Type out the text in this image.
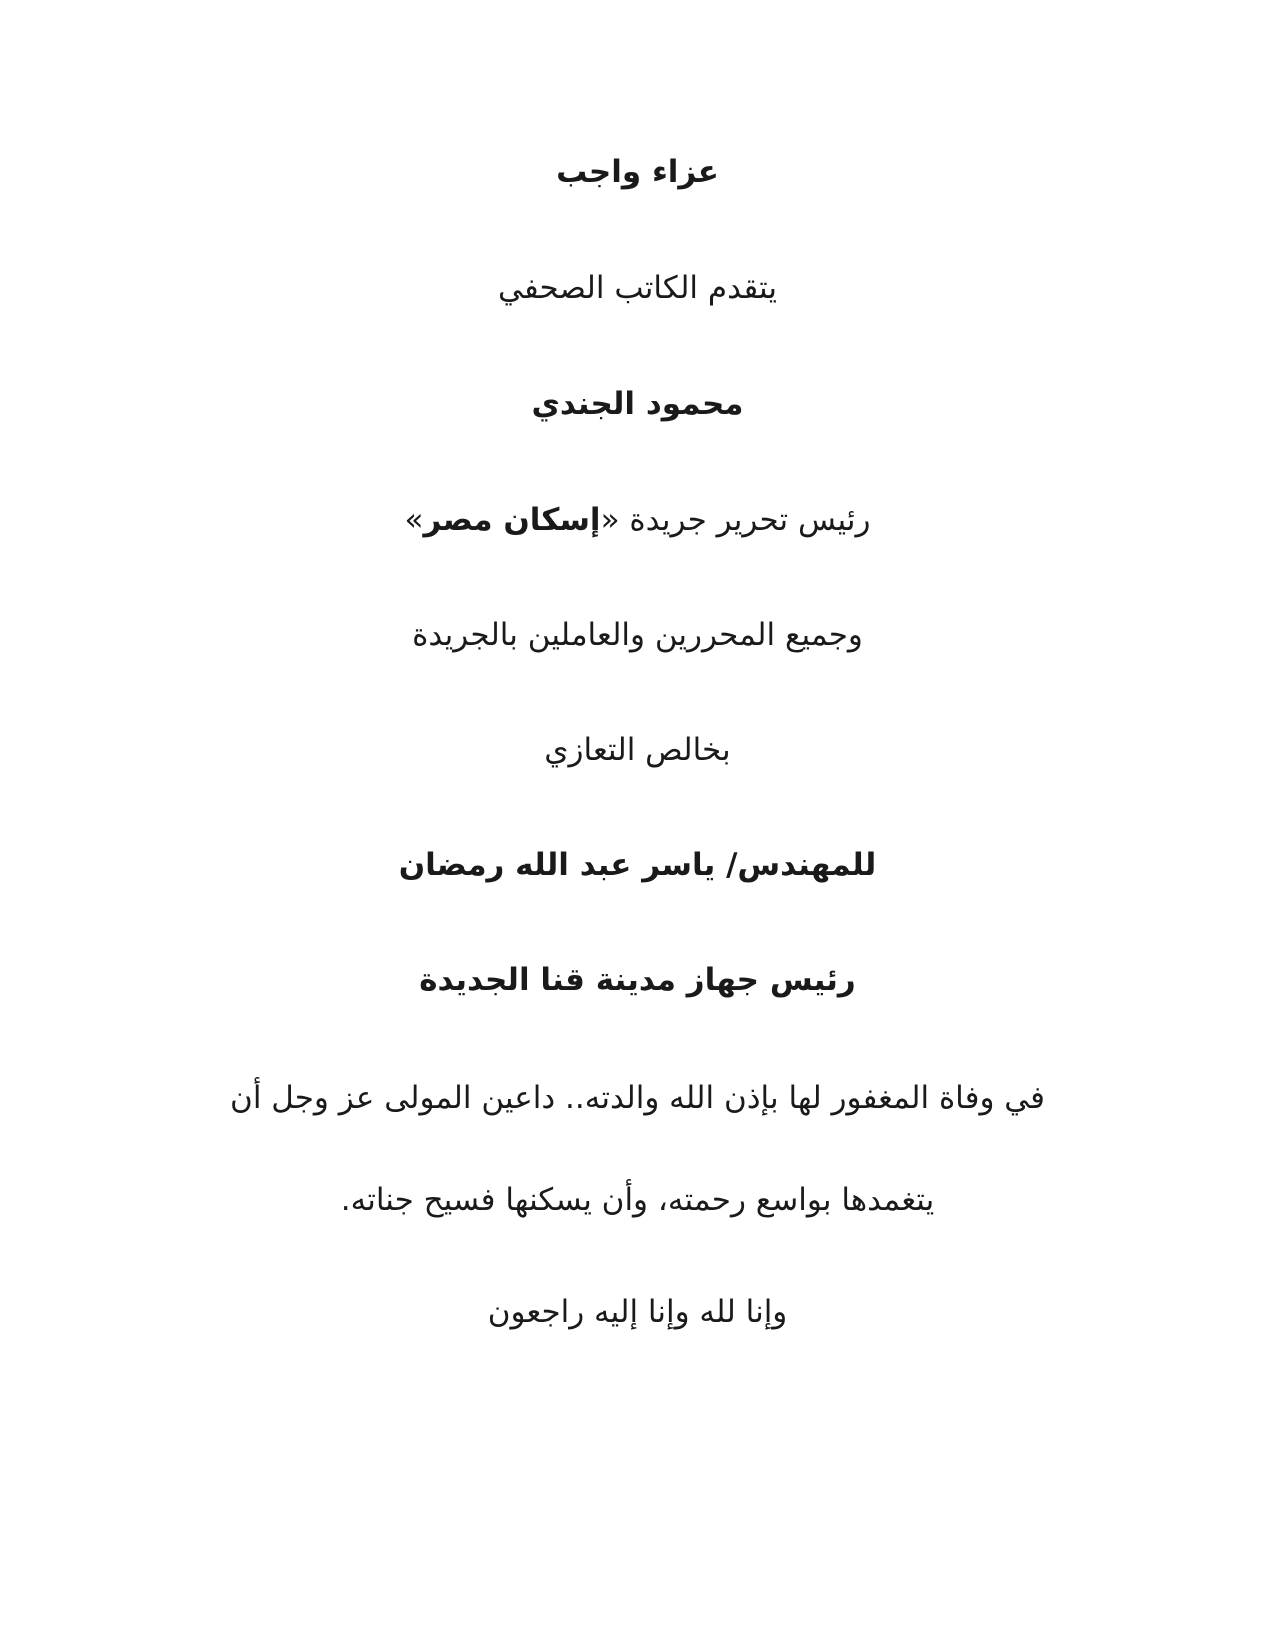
عزاء واجب
يتقدم الكاتب الصحفي
محمود الجندي
رئيس تحرير جريدة «إسكان مصر»
وجميع المحررين والعاملين بالجريدة
بخالص التعازي
للمهندس/ ياسر عبد الله رمضان
رئيس جهاز مدينة قنا الجديدة
في وفاة المغفور لها بإذن الله والدته.. داعين المولى عز وجل أن
يتغمدها بواسع رحمته، وأن يسكنها فسيح جناته.
وإنا لله وإنا إليه راجعون
